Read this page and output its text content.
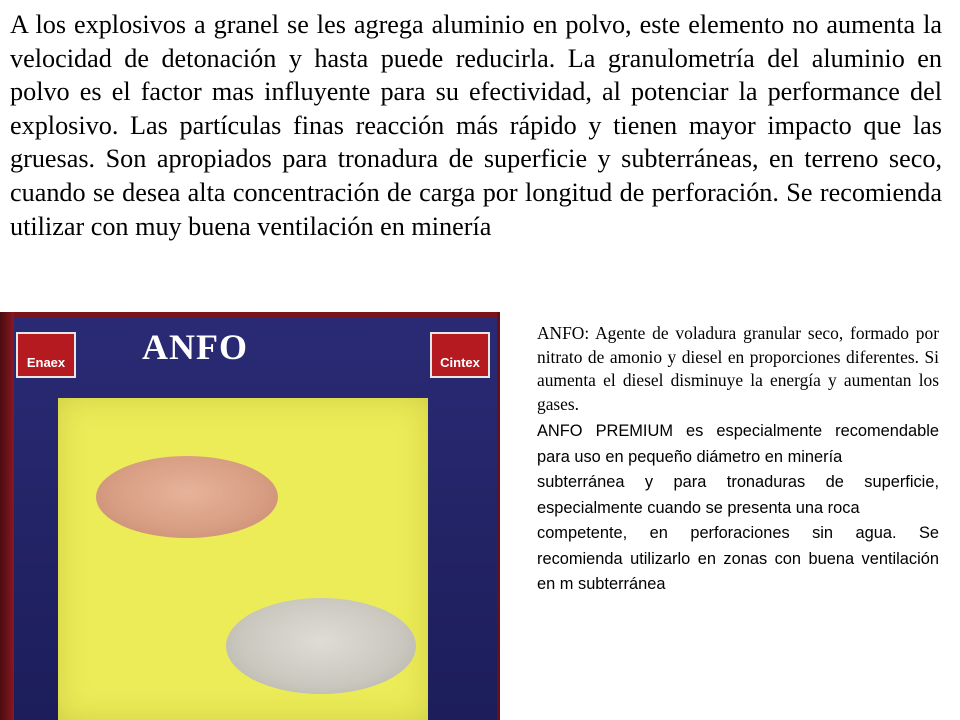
A los explosivos a granel se les agrega aluminio en polvo, este elemento no aumenta la velocidad de detonación y hasta puede reducirla. La granulometría del aluminio en polvo es el factor mas influyente para su efectividad, al potenciar la performance del explosivo. Las partículas finas reacción más rápido y tienen mayor impacto que las gruesas. Son apropiados para tronadura de superficie y subterráneas, en terreno seco, cuando se desea alta concentración de carga por longitud de perforación. Se recomienda utilizar con muy buena ventilación en minería

Enaex	ANFO	Cintex

ANFO: Agente de voladura granular seco, formado por nitrato de amonio y diesel en proporciones diferentes. Si aumenta el diesel disminuye la energía y aumentan los gases.

ANFO PREMIUM es especialmente recomendable para uso en pequeño diámetro en minería

subterránea y para tronaduras de superficie, especialmente cuando se presenta una roca

competente, en perforaciones sin agua. Se recomienda utilizarlo en zonas con buena ventilación en m subterránea
